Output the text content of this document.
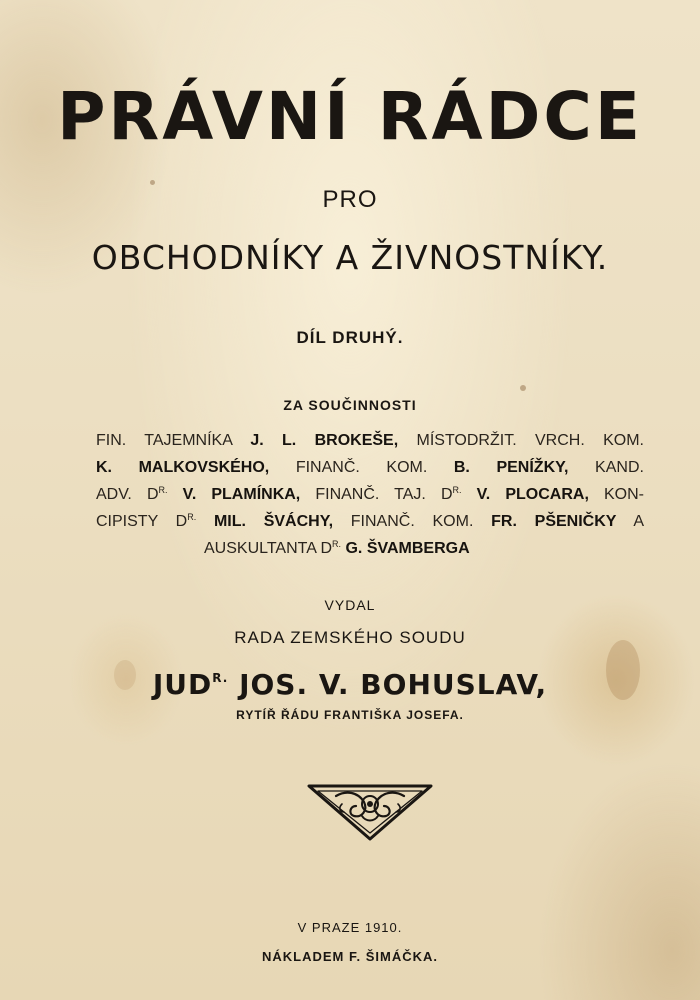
PRÁVNÍ RÁDCE
PRO
OBCHODNÍKY A ŽIVNOSTNÍKY.
DÍL DRUHÝ.
ZA SOUČINNOSTI
FIN. TAJEMNÍKA J. L. BROKEŠE, MÍSTODRŽIT. VRCH. KOM.
K. MALKOVSKÉHO, FINANČ. KOM. B. PENÍŽKY, KAND.
ADV. $D^{R.}$ V. PLAMÍNKA, FINANČ. TAJ. $D^{R.}$ V. PLOCARA, KON-
CIPISTY $D^{R.}$ MIL. ŠVÁCHY, FINANČ. KOM. FR. PŠENIČKY A
AUSKULTANTA $D^{R.}$ G. ŠVAMBERGA
VYDAL
RADA ZEMSKÉHO SOUDU
$JUD^{R.}$ JOS. V. BOHUSLAV,
RYTÍŘ ŘÁDU FRANTIŠKA JOSEFA.
V PRAZE 1910.
NÁKLADEM F. ŠIMÁČKA.
